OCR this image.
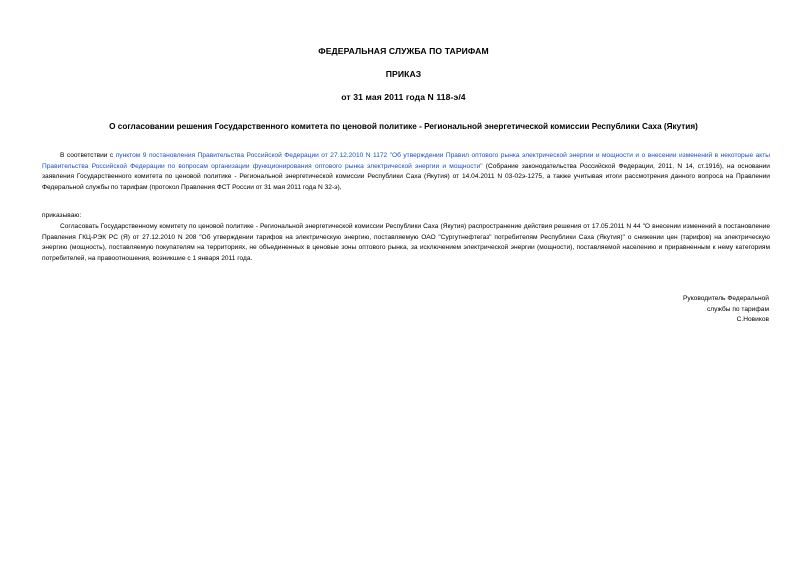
ФЕДЕРАЛЬНАЯ СЛУЖБА ПО ТАРИФАМ
ПРИКАЗ
от 31 мая 2011 года N 118-э/4
О согласовании решения Государственного комитета по ценовой политике - Региональной энергетической комиссии Республики Саха (Якутия)
В соответствии с пунктом 9 постановления Правительства Российской Федерации от 27.12.2010 N 1172 "Об утверждении Правил оптового рынка электрической энергии и мощности и о внесении изменений в некоторые акты Правительства Российской Федерации по вопросам организации функционирования оптового рынка электрической энергии и мощности" (Собрание законодательства Российской Федерации, 2011, N 14, ст.1916), на основании заявления Государственного комитета по ценовой политике - Региональной энергетической комиссии Республики Саха (Якутия) от 14.04.2011 N 03-02э-1275, а также учитывая итоги рассмотрения данного вопроса на Правлении Федеральной службы по тарифам (протокол Правления ФСТ России от 31 мая 2011 года N 32-э),
приказываю:
Согласовать Государственному комитету по ценовой политике - Региональной энергетической комиссии Республики Саха (Якутия) распространение действия решения от 17.05.2011 N 44 "О внесении изменений в постановление Правления ГКЦ-РЭК РС (Я) от 27.12.2010 N 208 "Об утверждении тарифов на электрическую энергию, поставляемую ОАО "Сургутнефтегаз" потребителям Республики Саха (Якутия)" о снижении цен (тарифов) на электрическую энергию (мощность), поставляемую покупателям на территориях, не объединенных в ценовые зоны оптового рынка, за исключением электрической энергии (мощности), поставляемой населению и приравненным к нему категориям потребителей, на правоотношения, возникшие с 1 января 2011 года.
Руководитель Федеральной
службы по тарифам
С.Новиков
